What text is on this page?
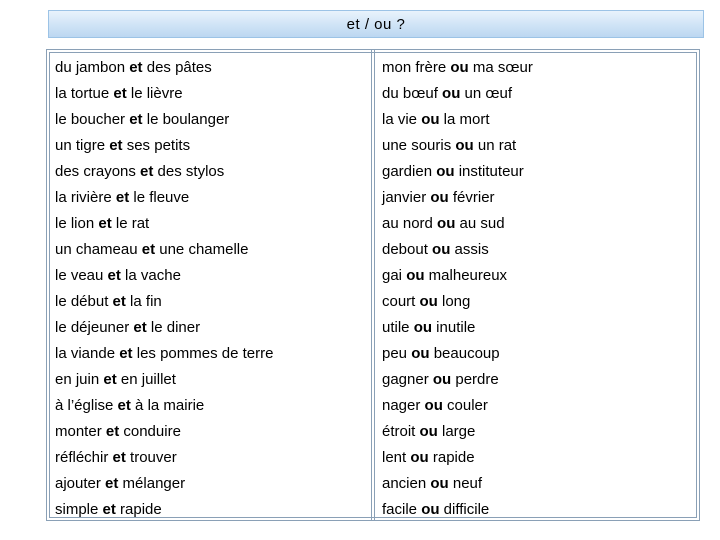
et / ou ?
du jambon et des pâtes
la tortue et le lièvre
le boucher et le boulanger
un tigre et ses petits
des crayons et des stylos
la rivière et le fleuve
le lion et le rat
un chameau et une chamelle
le veau et la vache
le début et la fin
le déjeuner et le diner
la viande et les pommes de terre
en juin et en juillet
à l’église et à la mairie
monter et conduire
réfléchir et trouver
ajouter et mélanger
simple et rapide
mon frère ou ma sœur
du bœuf ou un œuf
la vie ou la mort
une souris ou un rat
gardien ou instituteur
janvier ou février
au nord ou au sud
debout ou assis
gai ou malheureux
court ou long
utile ou inutile
peu ou beaucoup
gagner ou perdre
nager ou couler
étroit ou large
lent ou rapide
ancien ou neuf
facile ou difficile
